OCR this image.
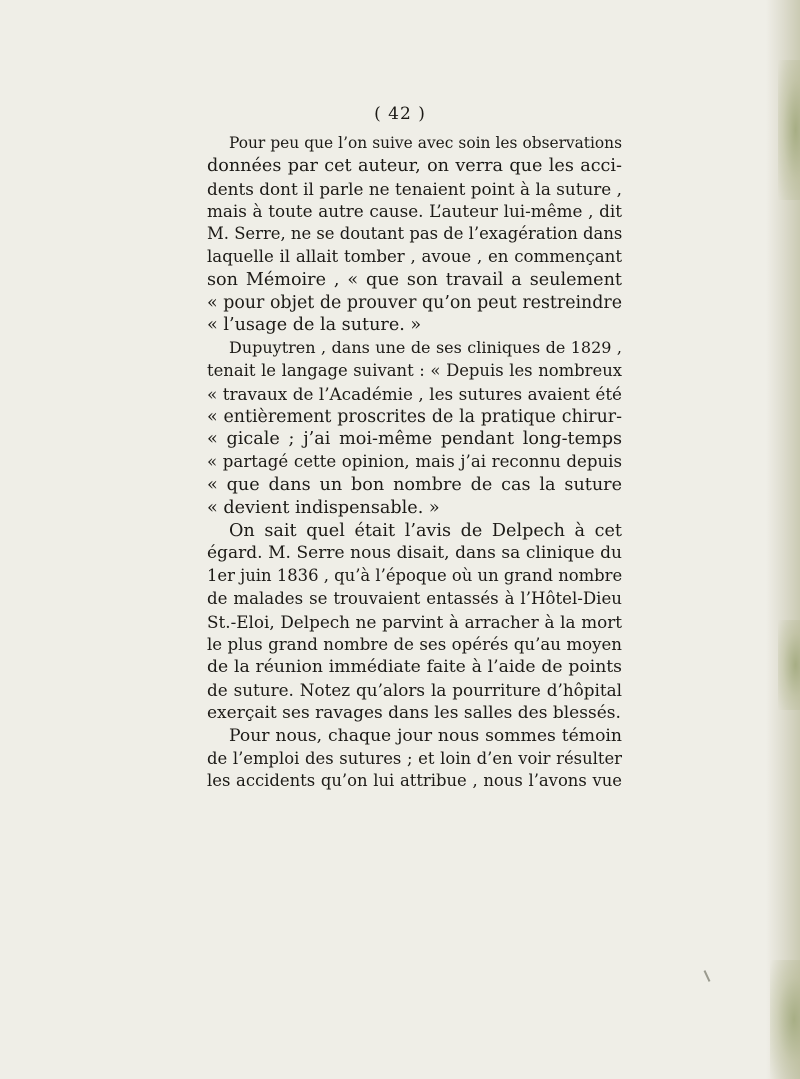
( 42 )
Pour peu que l’on suive avec soin les observations
données par cet auteur, on verra que les acci-
dents dont il parle ne tenaient point à la suture ,
mais à toute autre cause. L’auteur lui-même , dit
M. Serre, ne se doutant pas de l’exagération dans
laquelle il allait tomber , avoue , en commençant
son Mémoire , « que son travail a seulement
« pour objet de prouver qu’on peut restreindre
« l’usage de la suture. »
Dupuytren , dans une de ses cliniques de 1829 ,
tenait le langage suivant : « Depuis les nombreux
« travaux de l’Académie , les sutures avaient été
« entièrement proscrites de la pratique chirur-
« gicale ; j’ai moi-même pendant long-temps
« partagé cette opinion, mais j’ai reconnu depuis
« que dans un bon nombre de cas la suture
« devient indispensable. »
On sait quel était l’avis de Delpech à cet
égard. M. Serre nous disait, dans sa clinique du
1er juin 1836 , qu’à l’époque où un grand nombre
de malades se trouvaient entassés à l’Hôtel-Dieu
St.-Eloi, Delpech ne parvint à arracher à la mort
le plus grand nombre de ses opérés qu’au moyen
de la réunion immédiate faite à l’aide de points
de suture. Notez qu’alors la pourriture d’hôpital
exerçait ses ravages dans les salles des blessés.
Pour nous, chaque jour nous sommes témoin
de l’emploi des sutures ; et loin d’en voir résulter
les accidents qu’on lui attribue , nous l’avons vue
